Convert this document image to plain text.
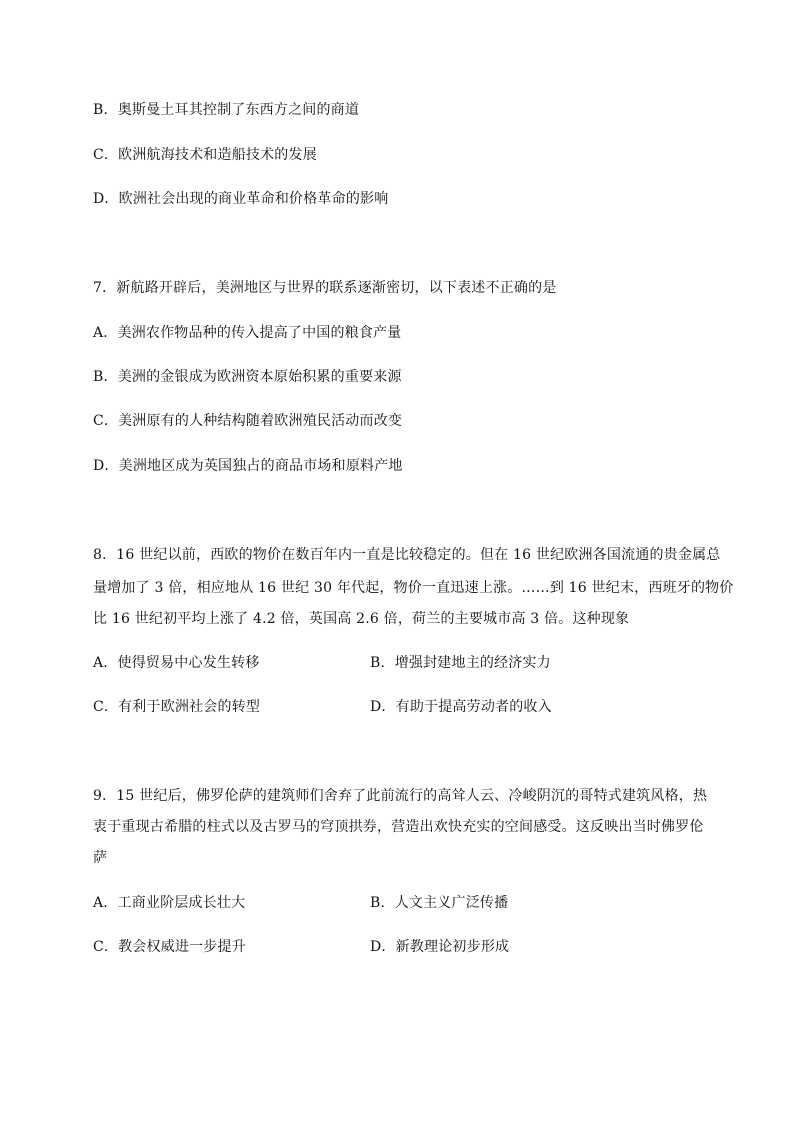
B．奥斯曼土耳其控制了东西方之间的商道
C．欧洲航海技术和造船技术的发展
D．欧洲社会出现的商业革命和价格革命的影响
7．新航路开辟后，美洲地区与世界的联系逐渐密切，以下表述不正确的是
A．美洲农作物品种的传入提高了中国的粮食产量
B．美洲的金银成为欧洲资本原始积累的重要来源
C．美洲原有的人种结构随着欧洲殖民活动而改变
D．美洲地区成为英国独占的商品市场和原料产地
8．16 世纪以前，西欧的物价在数百年内一直是比较稳定的。但在 16 世纪欧洲各国流通的贵金属总
量增加了 3 倍，相应地从 16 世纪 30 年代起，物价一直迅速上涨。……到 16 世纪末，西班牙的物价
比 16 世纪初平均上涨了 4.2 倍，英国高 2.6 倍，荷兰的主要城市高 3 倍。这种现象
A．使得贸易中心发生转移	B．增强封建地主的经济实力
C．有利于欧洲社会的转型	D．有助于提高劳动者的收入
9．15 世纪后，佛罗伦萨的建筑师们舍弃了此前流行的高耸人云、冷峻阴沉的哥特式建筑风格，热
衷于重现古希腊的柱式以及古罗马的穹顶拱券，营造出欢快充实的空间感受。这反映出当时佛罗伦
萨
A．工商业阶层成长壮大	B．人文主义广泛传播
C．教会权威进一步提升	D．新教理论初步形成
